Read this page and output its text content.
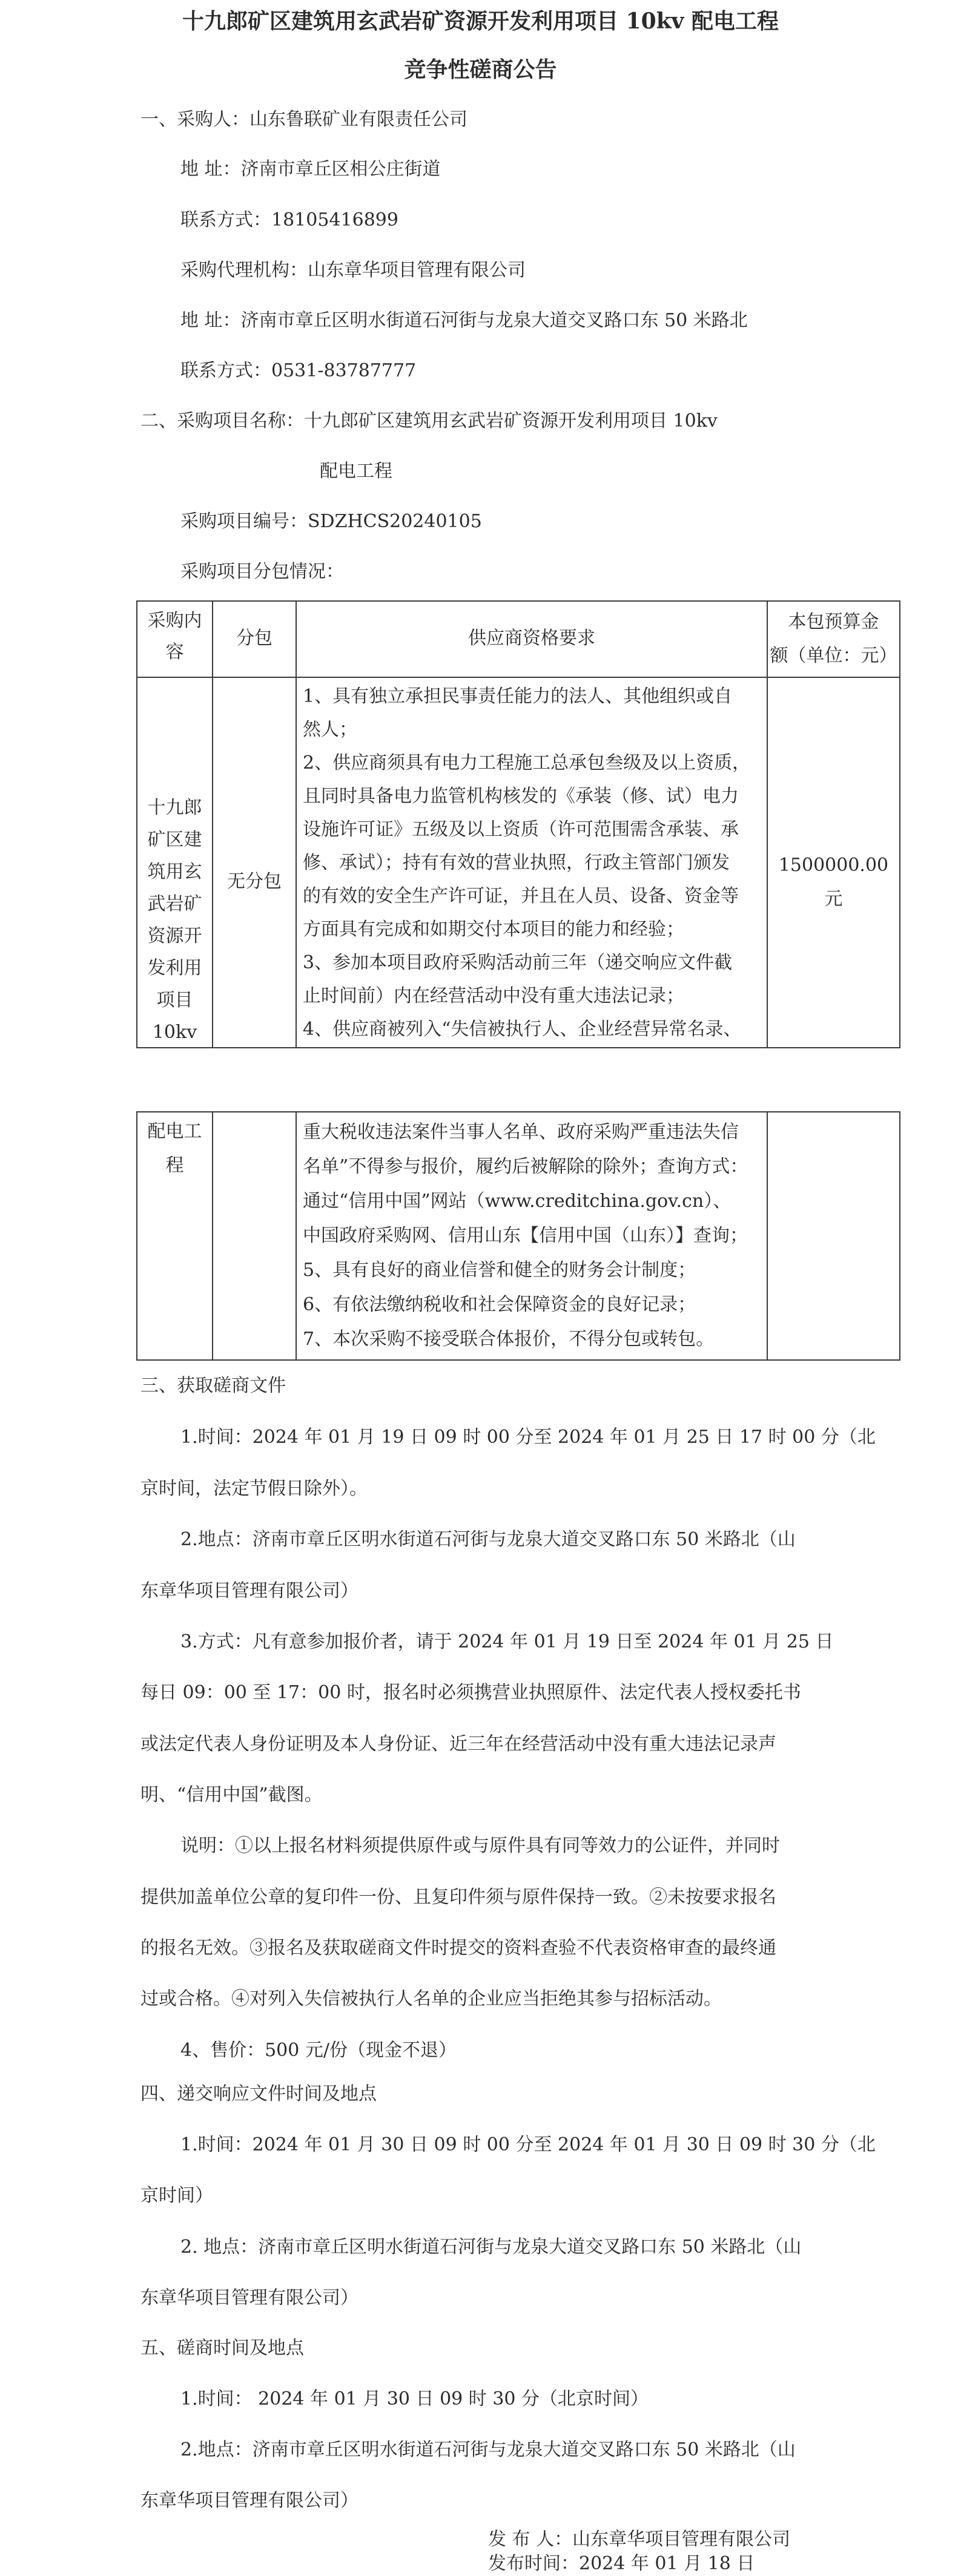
十九郎矿区建筑用玄武岩矿资源开发利用项目 10kv 配电工程
竞争性磋商公告
一、采购人：山东鲁联矿业有限责任公司
地 址：济南市章丘区相公庄街道
联系方式：18105416899
采购代理机构：山东章华项目管理有限公司
地 址：济南市章丘区明水街道石河街与龙泉大道交叉路口东 50 米路北
联系方式：0531-83787777
二、采购项目名称：十九郎矿区建筑用玄武岩矿资源开发利用项目 10kv
配电工程
采购项目编号：SDZHCS20240105
采购项目分包情况：
采购内
容
分包	供应商资格要求
本包预算金
额（单位：元）
十九郎
矿区建
筑用玄
武岩矿
资源开
发利用
项目
10kv
无分包
1、具有独立承担民事责任能力的法人、其他组织或自
然人；
2、供应商须具有电力工程施工总承包叁级及以上资质，
且同时具备电力监管机构核发的《承装（修、试）电力
设施许可证》五级及以上资质（许可范围需含承装、承
修、承试）；持有有效的营业执照，行政主管部门颁发
的有效的安全生产许可证，并且在人员、设备、资金等
方面具有完成和如期交付本项目的能力和经验；
3、参加本项目政府采购活动前三年（递交响应文件截
止时间前）内在经营活动中没有重大违法记录；
4、供应商被列入“失信被执行人、企业经营异常名录、
1500000.00
元
配电工
程
重大税收违法案件当事人名单、政府采购严重违法失信
名单”不得参与报价，履约后被解除的除外；查询方式：
通过“信用中国”网站（www.creditchina.gov.cn）、
中国政府采购网、信用山东【信用中国（山东）】查询；
5、具有良好的商业信誉和健全的财务会计制度；
6、有依法缴纳税收和社会保障资金的良好记录；
7、本次采购不接受联合体报价，不得分包或转包。
三、获取磋商文件
1.时间：2024 年 01 月 19 日 09 时 00 分至 2024 年 01 月 25 日 17 时 00 分（北
京时间，法定节假日除外）。
2.地点：济南市章丘区明水街道石河街与龙泉大道交叉路口东 50 米路北（山
东章华项目管理有限公司）
3.方式：凡有意参加报价者，请于 2024 年 01 月 19 日至 2024 年 01 月 25 日
每日 09：00 至 17：00 时，报名时必须携营业执照原件、法定代表人授权委托书
或法定代表人身份证明及本人身份证、近三年在经营活动中没有重大违法记录声
明、“信用中国”截图。
说明：①以上报名材料须提供原件或与原件具有同等效力的公证件，并同时
提供加盖单位公章的复印件一份、且复印件须与原件保持一致。②未按要求报名
的报名无效。③报名及获取磋商文件时提交的资料查验不代表资格审查的最终通
过或合格。④对列入失信被执行人名单的企业应当拒绝其参与招标活动。
4、售价：500 元/份（现金不退）
四、递交响应文件时间及地点
1.时间：2024 年 01 月 30 日 09 时 00 分至 2024 年 01 月 30 日 09 时 30 分（北
京时间）
2. 地点：济南市章丘区明水街道石河街与龙泉大道交叉路口东 50 米路北（山
东章华项目管理有限公司）
五、磋商时间及地点
1.时间： 2024 年 01 月 30 日 09 时 30 分（北京时间）
2.地点：济南市章丘区明水街道石河街与龙泉大道交叉路口东 50 米路北（山
东章华项目管理有限公司）
发 布 人：山东章华项目管理有限公司
发布时间：2024 年 01 月 18 日
